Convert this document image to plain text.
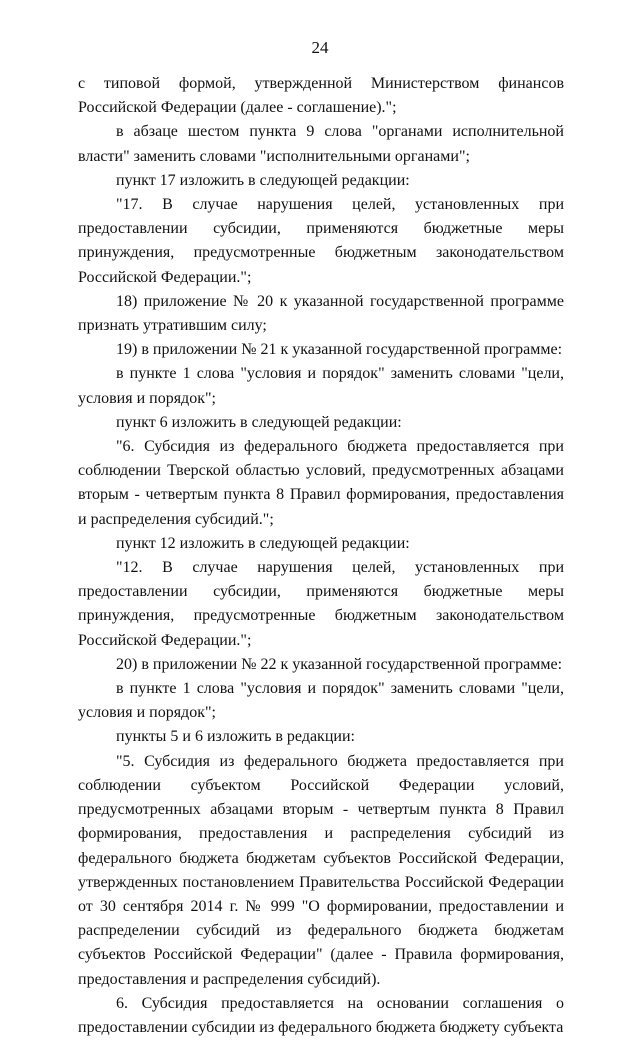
24

с типовой формой, утвержденной Министерством финансов Российской Федерации (далее - соглашение).";

в абзаце шестом пункта 9 слова "органами исполнительной власти" заменить словами "исполнительными органами";

пункт 17 изложить в следующей редакции:

"17. В случае нарушения целей, установленных при предоставлении субсидии, применяются бюджетные меры принуждения, предусмотренные бюджетным законодательством Российской Федерации.";

18) приложение № 20 к указанной государственной программе признать утратившим силу;

19) в приложении № 21 к указанной государственной программе:

в пункте 1 слова "условия и порядок" заменить словами "цели, условия и порядок";

пункт 6 изложить в следующей редакции:

"6. Субсидия из федерального бюджета предоставляется при соблюдении Тверской областью условий, предусмотренных абзацами вторым - четвертым пункта 8 Правил формирования, предоставления и распределения субсидий.";

пункт 12 изложить в следующей редакции:

"12. В случае нарушения целей, установленных при предоставлении субсидии, применяются бюджетные меры принуждения, предусмотренные бюджетным законодательством Российской Федерации.";

20) в приложении № 22 к указанной государственной программе:

в пункте 1 слова "условия и порядок" заменить словами "цели, условия и порядок";

пункты 5 и 6 изложить в редакции:

"5. Субсидия из федерального бюджета предоставляется при соблюдении субъектом Российской Федерации условий, предусмотренных абзацами вторым - четвертым пункта 8 Правил формирования, предоставления и распределения субсидий из федерального бюджета бюджетам субъектов Российской Федерации, утвержденных постановлением Правительства Российской Федерации от 30 сентября 2014 г. № 999 "О формировании, предоставлении и распределении субсидий из федерального бюджета бюджетам субъектов Российской Федерации" (далее - Правила формирования, предоставления и распределения субсидий).

6. Субсидия предоставляется на основании соглашения о предоставлении субсидии из федерального бюджета бюджету субъекта
